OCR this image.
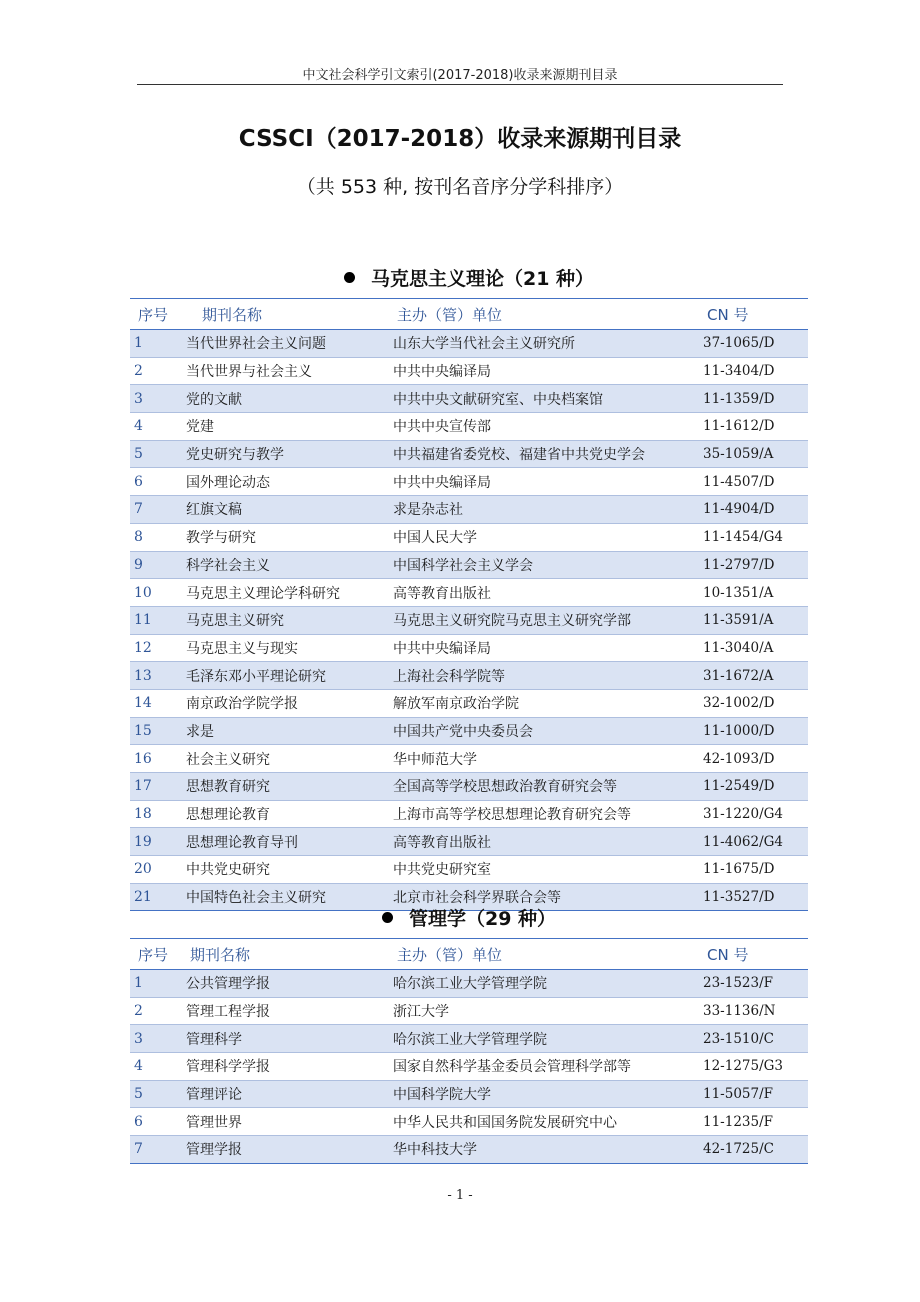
中文社会科学引文索引(2017-2018)收录来源期刊目录
CSSCI（2017-2018）收录来源期刊目录
（共 553 种, 按刊名音序分学科排序）
马克思主义理论（21 种）
序号	期刊名称	主办（管）单位	CN 号
1	当代世界社会主义问题	山东大学当代社会主义研究所	37-1065/D
2	当代世界与社会主义	中共中央编译局	11-3404/D
3	党的文献	中共中央文献研究室、中央档案馆	11-1359/D
4	党建	中共中央宣传部	11-1612/D
5	党史研究与教学	中共福建省委党校、福建省中共党史学会	35-1059/A
6	国外理论动态	中共中央编译局	11-4507/D
7	红旗文稿	求是杂志社	11-4904/D
8	教学与研究	中国人民大学	11-1454/G4
9	科学社会主义	中国科学社会主义学会	11-2797/D
10	马克思主义理论学科研究	高等教育出版社	10-1351/A
11	马克思主义研究	马克思主义研究院马克思主义研究学部	11-3591/A
12	马克思主义与现实	中共中央编译局	11-3040/A
13	毛泽东邓小平理论研究	上海社会科学院等	31-1672/A
14	南京政治学院学报	解放军南京政治学院	32-1002/D
15	求是	中国共产党中央委员会	11-1000/D
16	社会主义研究	华中师范大学	42-1093/D
17	思想教育研究	全国高等学校思想政治教育研究会等	11-2549/D
18	思想理论教育	上海市高等学校思想理论教育研究会等	31-1220/G4
19	思想理论教育导刊	高等教育出版社	11-4062/G4
20	中共党史研究	中共党史研究室	11-1675/D
21	中国特色社会主义研究	北京市社会科学界联合会等	11-3527/D
管理学（29 种）
序号	期刊名称	主办（管）单位	CN 号
1	公共管理学报	哈尔滨工业大学管理学院	23-1523/F
2	管理工程学报	浙江大学	33-1136/N
3	管理科学	哈尔滨工业大学管理学院	23-1510/C
4	管理科学学报	国家自然科学基金委员会管理科学部等	12-1275/G3
5	管理评论	中国科学院大学	11-5057/F
6	管理世界	中华人民共和国国务院发展研究中心	11-1235/F
7	管理学报	华中科技大学	42-1725/C
- 1 -
